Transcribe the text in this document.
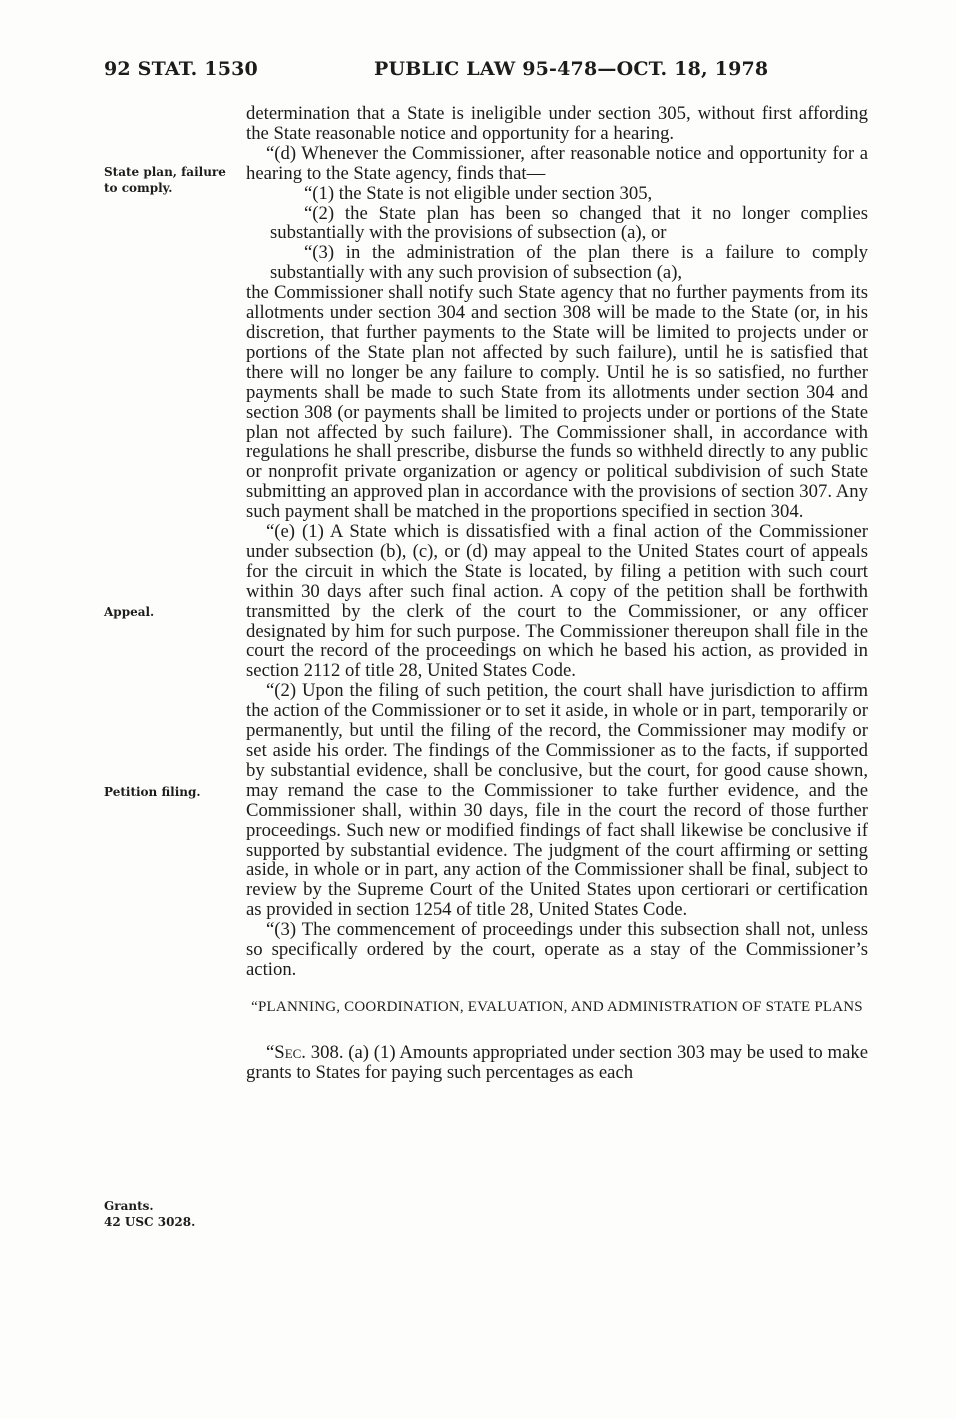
92 STAT. 1530	PUBLIC LAW 95-478—OCT. 18, 1978
State plan, failure
to comply.
Appeal.
Petition filing.
Grants.
42 USC 3028.

determination that a State is ineligible under section 305, without first affording the State reasonable notice and opportunity for a hearing.

“(d) Whenever the Commissioner, after reasonable notice and opportunity for a hearing to the State agency, finds that—

“(1) the State is not eligible under section 305,

“(2) the State plan has been so changed that it no longer complies substantially with the provisions of subsection (a), or

“(3) in the administration of the plan there is a failure to comply substantially with any such provision of subsection (a),

the Commissioner shall notify such State agency that no further payments from its allotments under section 304 and section 308 will be made to the State (or, in his discretion, that further payments to the State will be limited to projects under or portions of the State plan not affected by such failure), until he is satisfied that there will no longer be any failure to comply. Until he is so satisfied, no further payments shall be made to such State from its allotments under section 304 and section 308 (or payments shall be limited to projects under or portions of the State plan not affected by such failure). The Commissioner shall, in accordance with regulations he shall prescribe, disburse the funds so withheld directly to any public or nonprofit private organization or agency or political subdivision of such State submitting an approved plan in accordance with the provisions of section 307. Any such payment shall be matched in the proportions specified in section 304.

“(e) (1) A State which is dissatisfied with a final action of the Commissioner under subsection (b), (c), or (d) may appeal to the United States court of appeals for the circuit in which the State is located, by filing a petition with such court within 30 days after such final action. A copy of the petition shall be forthwith transmitted by the clerk of the court to the Commissioner, or any officer designated by him for such purpose. The Commissioner thereupon shall file in the court the record of the proceedings on which he based his action, as provided in section 2112 of title 28, United States Code.

“(2) Upon the filing of such petition, the court shall have jurisdiction to affirm the action of the Commissioner or to set it aside, in whole or in part, temporarily or permanently, but until the filing of the record, the Commissioner may modify or set aside his order. The findings of the Commissioner as to the facts, if supported by substantial evidence, shall be conclusive, but the court, for good cause shown, may remand the case to the Commissioner to take further evidence, and the Commissioner shall, within 30 days, file in the court the record of those further proceedings. Such new or modified findings of fact shall likewise be conclusive if supported by substantial evidence. The judgment of the court affirming or setting aside, in whole or in part, any action of the Commissioner shall be final, subject to review by the Supreme Court of the United States upon certiorari or certification as provided in section 1254 of title 28, United States Code.

“(3) The commencement of proceedings under this subsection shall not, unless so specifically ordered by the court, operate as a stay of the Commissioner’s action.

“PLANNING, COORDINATION, EVALUATION, AND ADMINISTRATION OF STATE PLANS

“Sec. 308. (a) (1) Amounts appropriated under section 303 may be used to make grants to States for paying such percentages as each
